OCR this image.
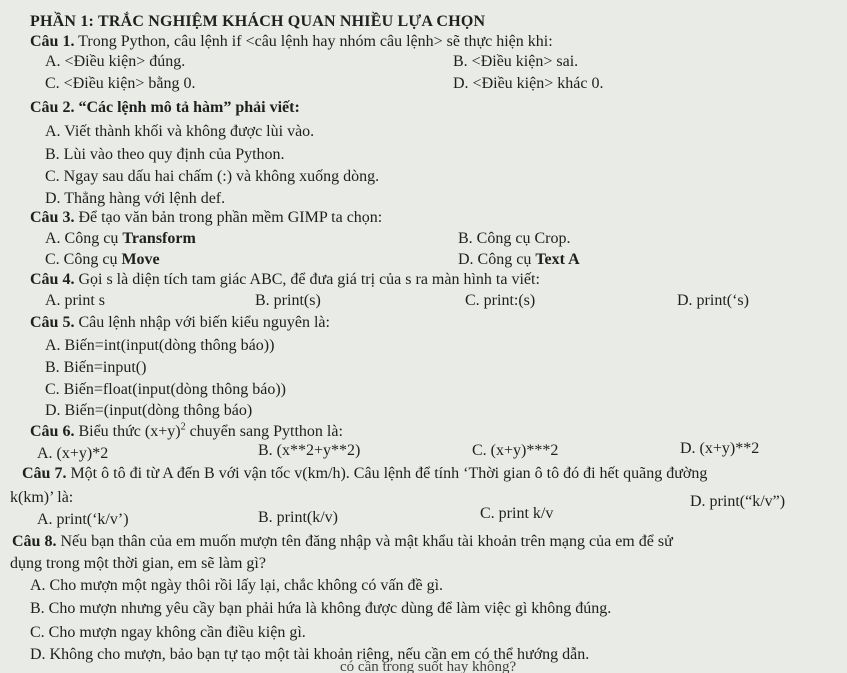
PHẦN 1: TRẮC NGHIỆM KHÁCH QUAN NHIỀU LỰA CHỌN
Câu 1. Trong Python, câu lệnh if <câu lệnh hay nhóm câu lệnh> sẽ thực hiện khi:
A. <Điều kiện> đúng.	B. <Điều kiện> sai.
C. <Điều kiện> bằng 0.	D. <Điều kiện> khác 0.
Câu 2. “Các lệnh mô tả hàm” phải viết:
A. Viết thành khối và không được lùi vào.
B. Lùi vào theo quy định của Python.
C. Ngay sau dấu hai chấm (:) và không xuống dòng.
D. Thẳng hàng với lệnh def.
Câu 3. Để tạo văn bản trong phần mềm GIMP ta chọn:
A. Công cụ Transform	B. Công cụ Crop.
C. Công cụ Move	D. Công cụ Text A
Câu 4. Gọi s là diện tích tam giác ABC, để đưa giá trị của s ra màn hình ta viết:
A. print s	B. print(s)	C. print:(s)	D. print(‘s)
Câu 5. Câu lệnh nhập với biến kiểu nguyên là:
A. Biến=int(input(dòng thông báo))
B. Biến=input()
C. Biến=float(input(dòng thông báo))
D. Biến=(input(dòng thông báo)
Câu 6. Biểu thức $(x+y)^2$ chuyển sang Pytthon là:
A. (x+y)*2	B. (x**2+y**2)	C. (x+y)***2	D. (x+y)**2
Câu 7. Một ô tô đi từ A đến B với vận tốc v(km/h). Câu lệnh để tính ‘Thời gian ô tô đó đi hết quãng đường
k(km)’ là:
A. print(‘k/v’)	B. print(k/v)	C. print k/v
D. print(“k/v”)
Câu 8. Nếu bạn thân của em muốn mượn tên đăng nhập và mật khẩu tài khoản trên mạng của em để sử
dụng trong một thời gian, em sẽ làm gì?
A. Cho mượn một ngày thôi rồi lấy lại, chắc không có vấn đề gì.
B. Cho mượn nhưng yêu cầy bạn phải hứa là không được dùng để làm việc gì không đúng.
C. Cho mượn ngay không cần điều kiện gì.
D. Không cho mượn, bảo bạn tự tạo một tài khoản riêng, nếu cần em có thể hướng dẫn.
có cần trong suốt hay không?
